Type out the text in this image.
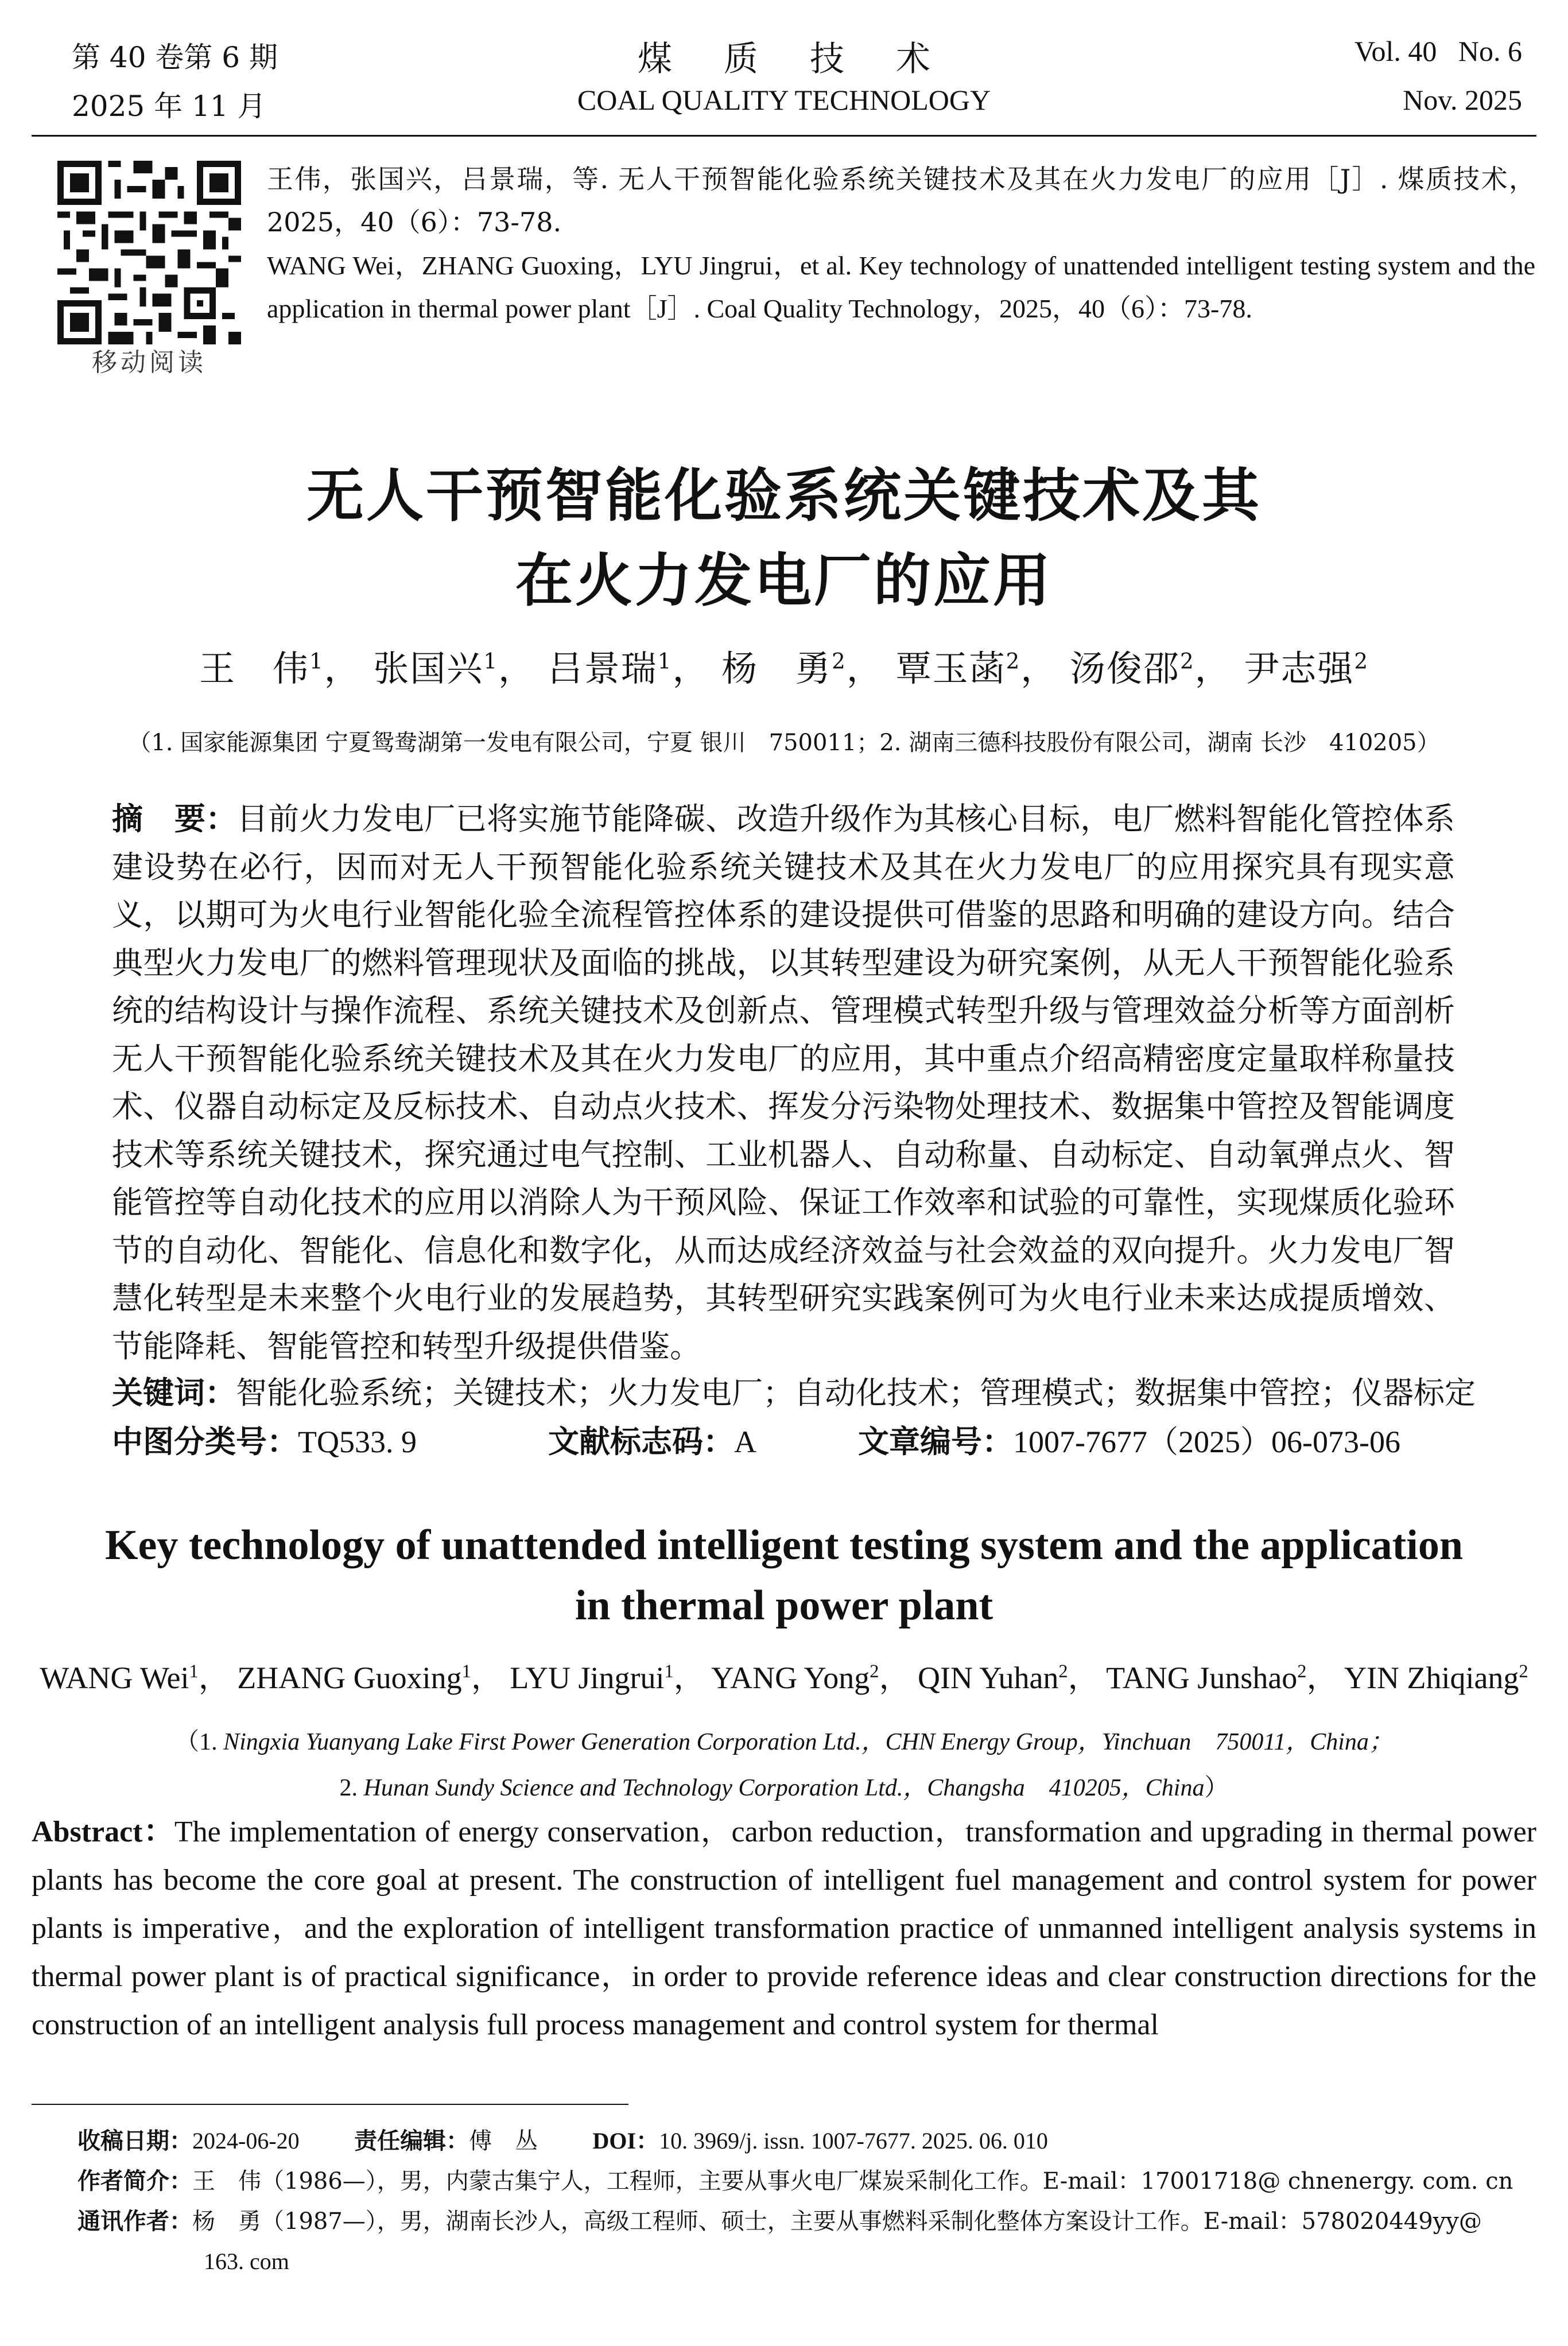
第 40 卷第 6 期
2025 年 11 月
煤质技术
COAL QUALITY TECHNOLOGY
Vol. 40   No. 6
Nov. 2025
移动阅读

王伟，张国兴，吕景瑞，等. 无人干预智能化验系统关键技术及其在火力发电厂的应用［J］. 煤质技术，2025，40（6）：73-78.

WANG Wei，ZHANG Guoxing，LYU Jingrui，et al. Key technology of unattended intelligent testing system and the application in thermal power plant［J］. Coal Quality Technology，2025，40（6）：73-78.

无人干预智能化验系统关键技术及其
在火力发电厂的应用
王　伟$^1$， 张国兴$^1$， 吕景瑞$^1$， 杨　勇$^2$， 覃玉菡$^2$， 汤俊邵$^2$， 尹志强$^2$
（1. 国家能源集团 宁夏鸳鸯湖第一发电有限公司，宁夏 银川　750011；2. 湖南三德科技股份有限公司，湖南 长沙　410205）
摘　要：目前火力发电厂已将实施节能降碳、改造升级作为其核心目标，电厂燃料智能化管控体系建设势在必行，因而对无人干预智能化验系统关键技术及其在火力发电厂的应用探究具有现实意义，以期可为火电行业智能化验全流程管控体系的建设提供可借鉴的思路和明确的建设方向。结合典型火力发电厂的燃料管理现状及面临的挑战，以其转型建设为研究案例，从无人干预智能化验系统的结构设计与操作流程、系统关键技术及创新点、管理模式转型升级与管理效益分析等方面剖析无人干预智能化验系统关键技术及其在火力发电厂的应用，其中重点介绍高精密度定量取样称量技术、仪器自动标定及反标技术、自动点火技术、挥发分污染物处理技术、数据集中管控及智能调度技术等系统关键技术，探究通过电气控制、工业机器人、自动称量、自动标定、自动氧弹点火、智能管控等自动化技术的应用以消除人为干预风险、保证工作效率和试验的可靠性，实现煤质化验环节的自动化、智能化、信息化和数字化，从而达成经济效益与社会效益的双向提升。火力发电厂智慧化转型是未来整个火电行业的发展趋势，其转型研究实践案例可为火电行业未来达成提质增效、节能降耗、智能管控和转型升级提供借鉴。
关键词：智能化验系统；关键技术；火力发电厂；自动化技术；管理模式；数据集中管控；仪器标定
中图分类号：TQ533. 9	文献标志码：A	文章编号：1007-7677（2025）06-073-06
Key technology of unattended intelligent testing system and the application
in thermal power plant
WANG Wei$^1$， ZHANG Guoxing$^1$， LYU Jingrui$^1$， YANG Yong$^2$， QIN Yuhan$^2$， TANG Junshao$^2$， YIN Zhiqiang$^2$
（1. Ningxia Yuanyang Lake First Power Generation Corporation Ltd.，CHN Energy Group，Yinchuan　750011，China；
2. Hunan Sundy Science and Technology Corporation Ltd.，Changsha　410205，China）
Abstract：The implementation of energy conservation，carbon reduction，transformation and upgrading in thermal power plants has become the core goal at present. The construction of intelligent fuel management and control system for power plants is imperative，and the exploration of intelligent transformation practice of unmanned intelligent analysis systems in thermal power plant is of practical significance，in order to provide reference ideas and clear construction directions for the construction of an intelligent analysis full process management and control system for thermal

收稿日期：2024-06-20 责任编辑：傅　丛 DOI：10. 3969/j. issn. 1007-7677. 2025. 06. 010

作者简介：王　伟（1986—），男，内蒙古集宁人，工程师，主要从事火电厂煤炭采制化工作。E-mail：17001718@ chnenergy. com. cn

通讯作者：杨　勇（1987—），男，湖南长沙人，高级工程师、硕士，主要从事燃料采制化整体方案设计工作。E-mail：578020449yy@

163. com
